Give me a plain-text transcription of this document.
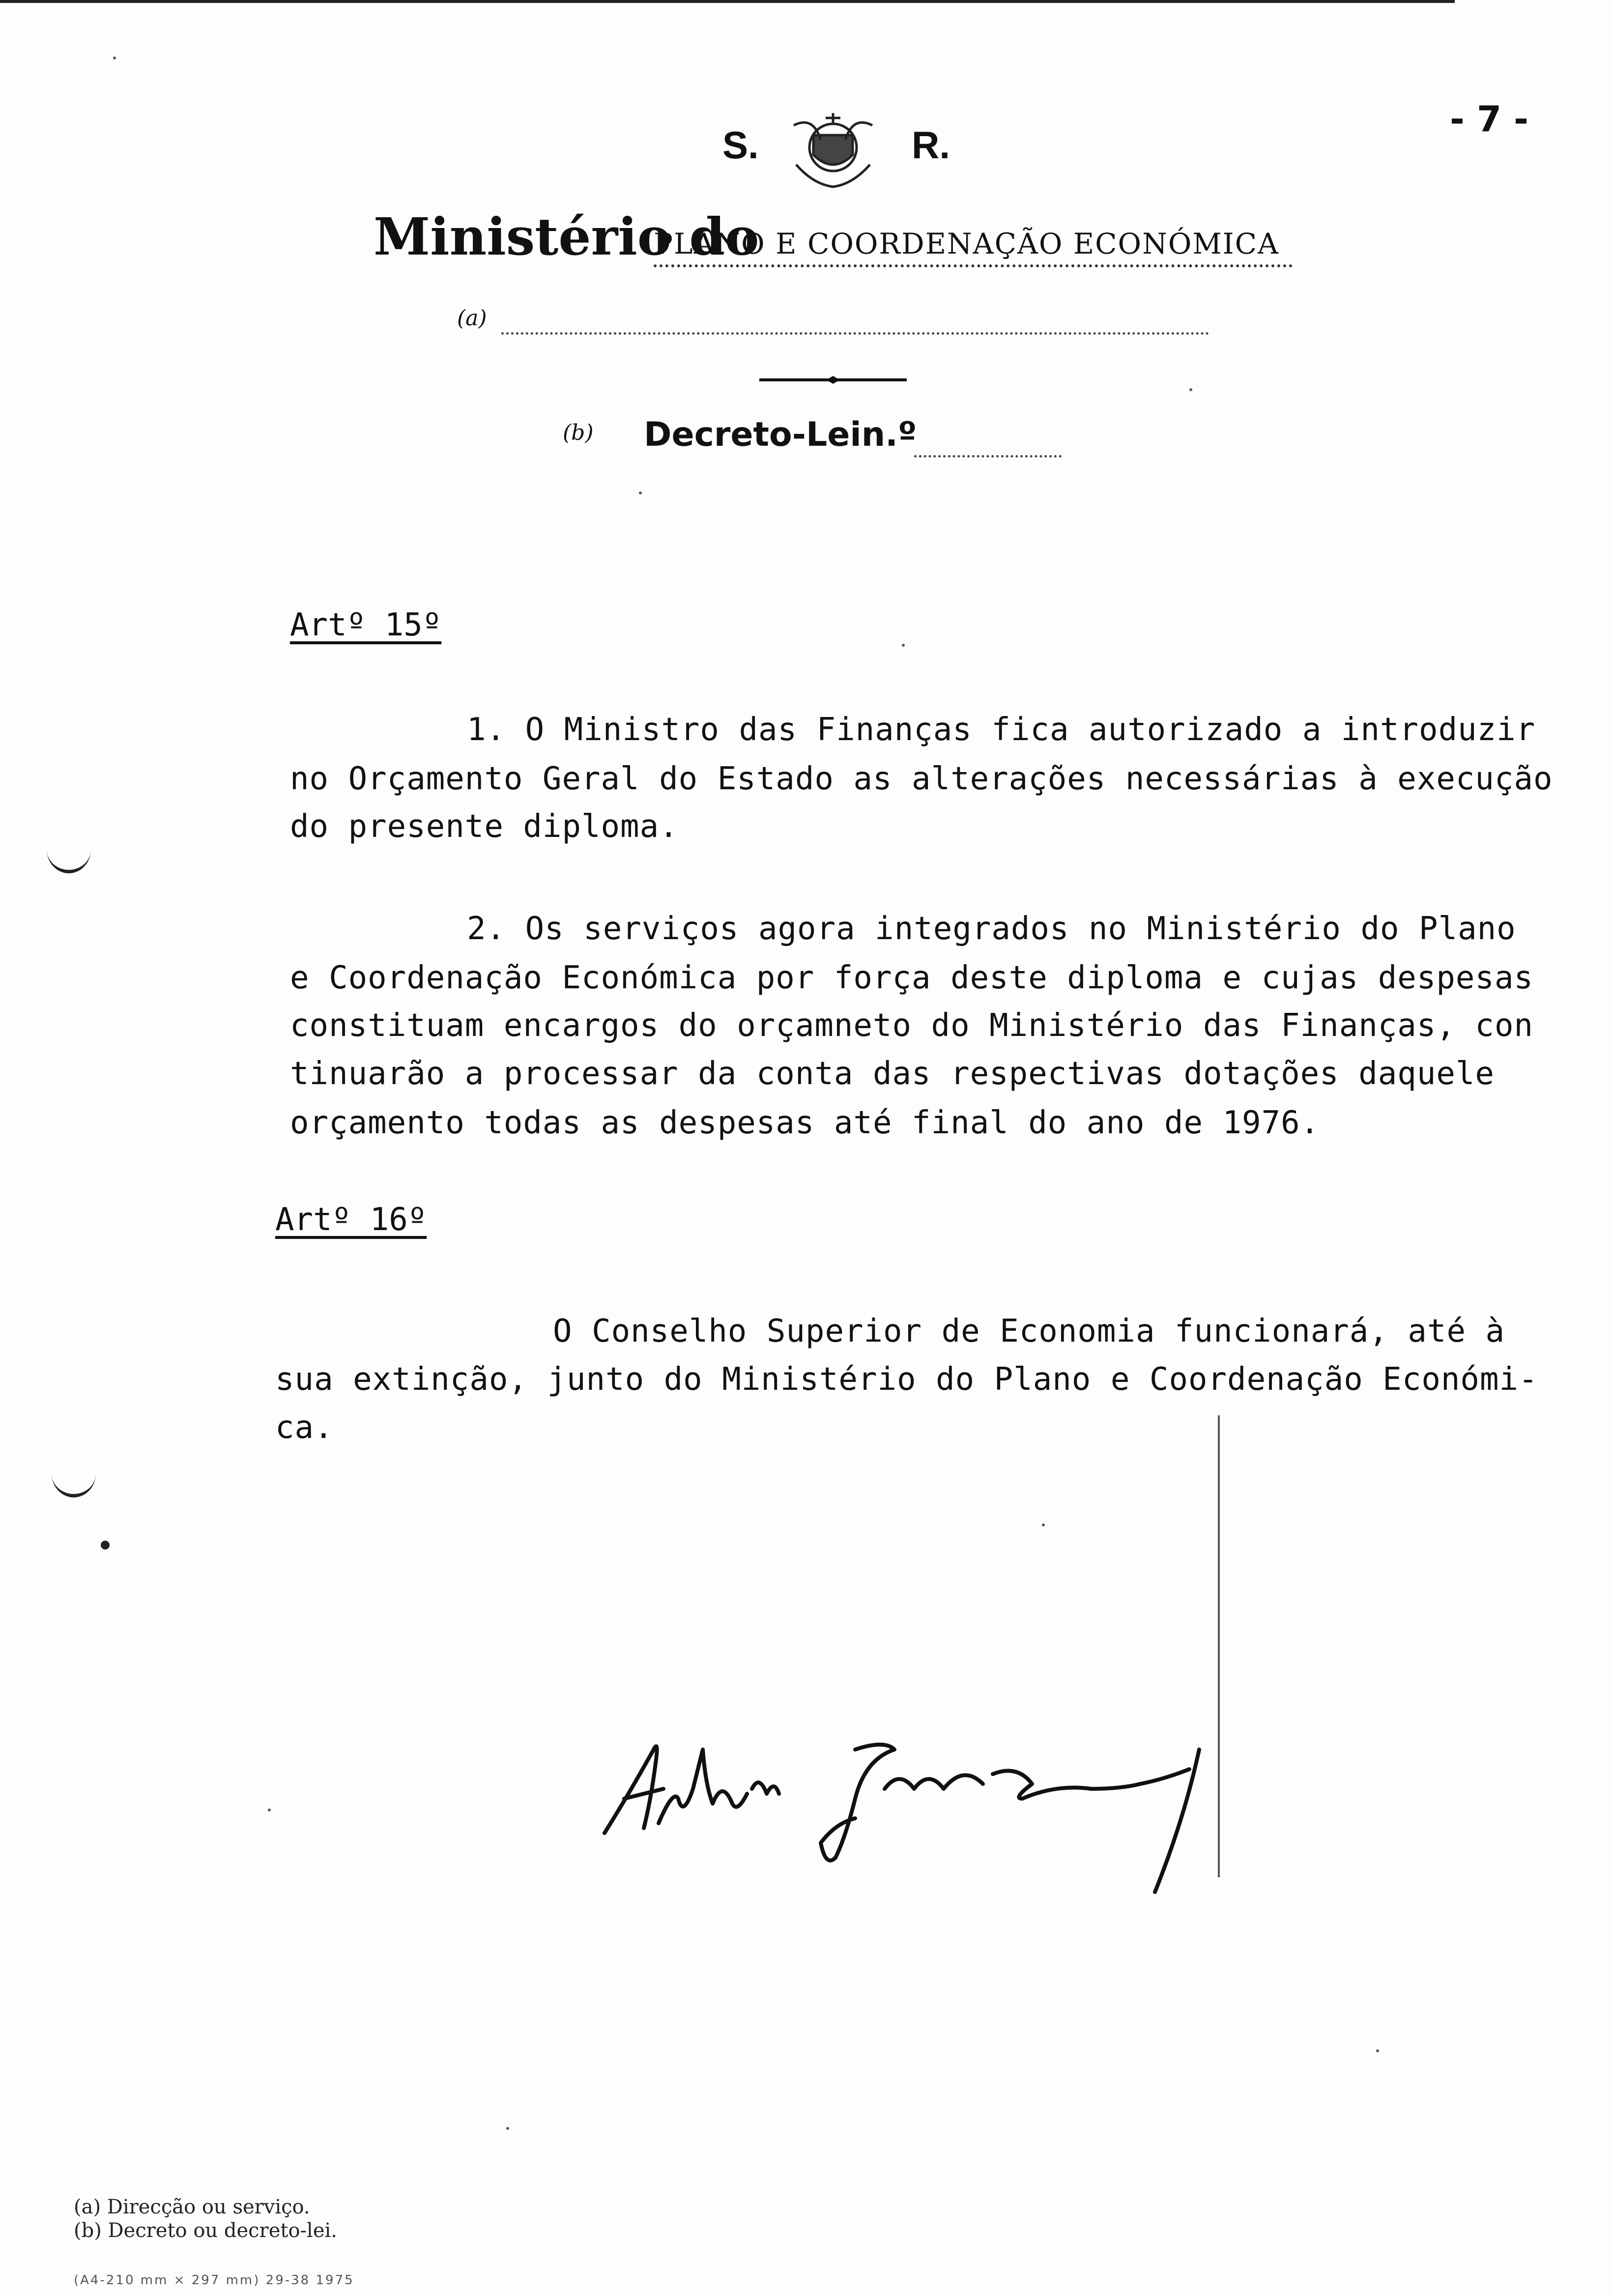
- 7 -
S.	R.
Ministério do
PLANO E COORDENAÇÃO ECONÓMICA
(a)
(b) Decreto-Lein.º
Artº 15º
1. O Ministro das Finanças fica autorizado a introduzir
no Orçamento Geral do Estado as alterações necessárias à execução
do presente diploma.
2. Os serviços agora integrados no Ministério do Plano
e Coordenação Económica por força deste diploma e cujas despesas
constituam encargos do orçamneto do Ministério das Finanças, con
tinuarão a processar da conta das respectivas dotações daquele
orçamento todas as despesas até final do ano de 1976.
Artº 16º
O Conselho Superior de Economia funcionará, até à
sua extinção, junto do Ministério do Plano e Coordenação Económi-
ca.
(a) Direcção ou serviço.
(b) Decreto ou decreto-lei.
(A4-210 mm × 297 mm) 29-38 1975
